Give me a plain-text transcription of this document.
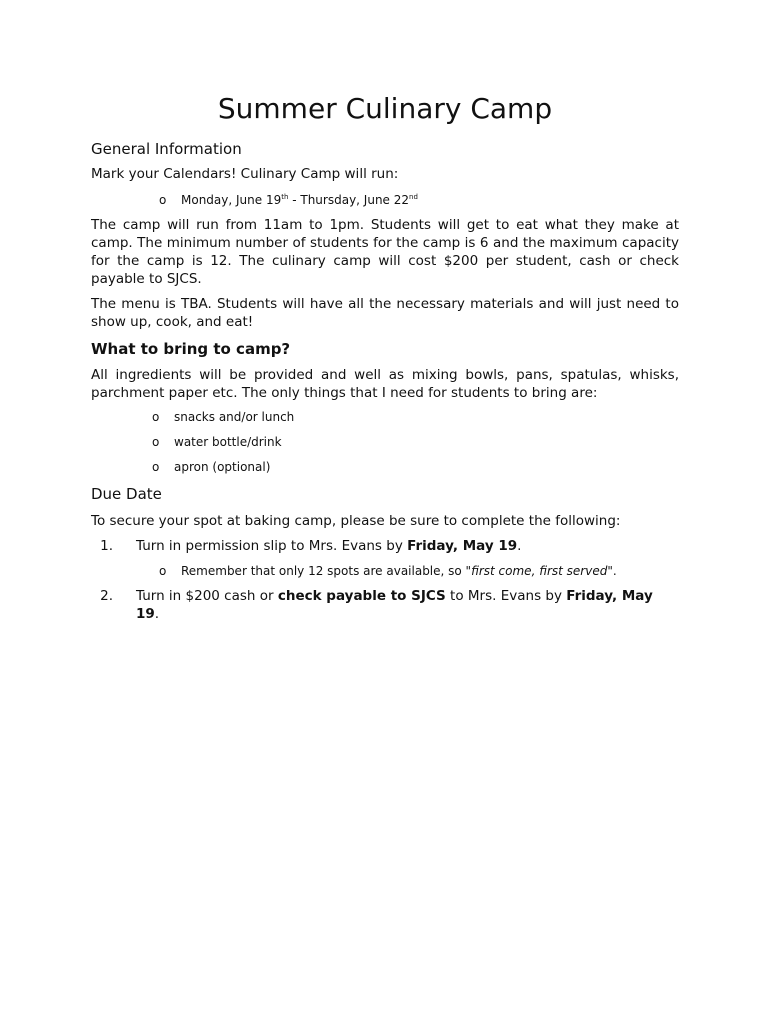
Summer Culinary Camp
General Information
Mark your Calendars! Culinary Camp will run:
o Monday, June 19th - Thursday, June 22nd

The camp will run from 11am to 1pm. Students will get to eat what they make at camp. The minimum number of students for the camp is 6 and the maximum capacity for the camp is 12. The culinary camp will cost $200 per student, cash or check payable to SJCS.

The menu is TBA. Students will have all the necessary materials and will just need to show up, cook, and eat!

What to bring to camp?

All ingredients will be provided and well as mixing bowls, pans, spatulas, whisks, parchment paper etc. The only things that I need for students to bring are:

o snacks and/or lunch
o water bottle/drink
o apron (optional)
Due Date
To secure your spot at baking camp, please be sure to complete the following:
1. Turn in permission slip to Mrs. Evans by Friday, May 19.
o Remember that only 12 spots are available, so "first come, first served".
2. Turn in $200 cash or check payable to SJCS to Mrs. Evans by Friday, May
19.
